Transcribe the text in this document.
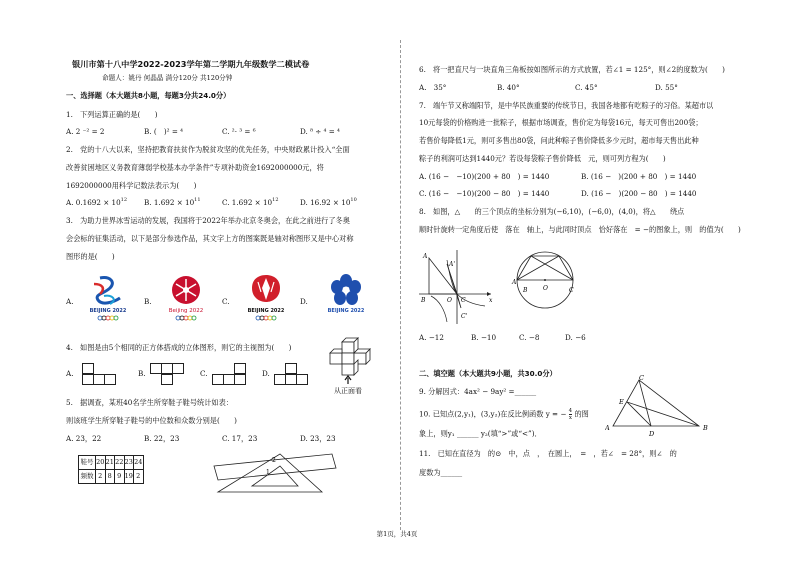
银川市第十八中学2022-2023学年第二学期九年级数学二模试卷
命题人：姚丹 何晶晶 满分120分 共120分钟
一、选择题（本大题共8小题，每题3分共24.0分）
1.　下列运算正确的是(　　)
A. 2 ⁻² = 2	B. (　)² = ⁴	C. ²· ³ = ⁶	D. ⁸ ÷ ⁴ = ⁴
2.　党的十八大以来，坚持把教育扶贫作为脱贫攻坚的优先任务，中央财政累计投入“全面
改善贫困地区义务教育薄弱学校基本办学条件”专项补助资金1692000000元，将
1692000000用科学记数法表示为(　　)
A. $0.1692 \times 10^{12}$ B. $1.692 \times 10^{11}$	C. $1.692 \times 10^{12}$	D. $16.92 \times 10^{10}$
3.　为助力世界冰雪运动的发展，我国将于2022年举办北京冬奥会，在此之前进行了冬奥
会会标的征集活动，以下是部分参选作品，其文字上方的图案既是轴对称图形又是中心对称
图形的是(　　)
A.
BEIJING 2022
B.
Beijing 2022
C.
BEIJING 2022
D.
BEIJING 2022
4.　如图是由5个相同的正方体搭成的立体图形，则它的主视图为(　　)
A.	B.	C.	D.
从正面看
5.　据调查，某班40名学生所穿鞋子鞋号统计如表：
则该班学生所穿鞋子鞋号的中位数和众数分别是(　　)
A. 23，22	B. 22，23	C. 17，23	D. 23，23
鞋号	20	21	22	23	24
频数	2	8	9	19	2
2
1
6.　将一把直尺与一块直角三角板按如图所示的方式放置，若∠1 = 125°，则∠2的度数为(　　)
A.　35°	B. 40°	C. 45°	D. 55°
7.　端午节又称端阳节，是中华民族重要的传统节日，我国各地都有吃粽子的习俗。某超市以
10元每袋的价格购进一批粽子，根据市场调查，售价定为每袋16元，每天可售出200袋；
若售价每降低1元，则可多售出80袋，问此种粽子售价降低多少元时，超市每天售出此种
粽子的利润可达到1440元？若设每袋粽子售价降低　元，则可列方程为(　　)
A. (16 −　−10)(200 + 80　) = 1440	B. (16 −　)(200 + 80　) = 1440
C. (16 −　−10)(200 − 80　) = 1440	D. (16 −　)(200 − 80　) = 1440
8.　如图，△　　的三个顶点的坐标分别为(−6,10)，(−6,0)，(4,0)，将△　　绕点
顺时针旋转一定角度后使　落在　轴上，与此同时顶点　恰好落在　= −的图象上，则　的值为(　　)
A
A'
B	O C	x
C'
A
B	O	C
A. −12	B. −10	C. −8	D. −6
二、填空题（本大题共9小题，共30.0分）
9. 分解因式：4ax² − 9ay² =______
10. 已知点(2,y₁)，(3,y₂)在反比例函数 y = − $\frac{4}{x}$ 的图
象上，则y₁ ______ y₂(填“>”或“<”)．
11.　已知在直径为　的⊙　中，点　，　在圆上，　=　，若∠　= 28°，则∠　的
度数为______
C
E
A
D
B
第1页，共4页
